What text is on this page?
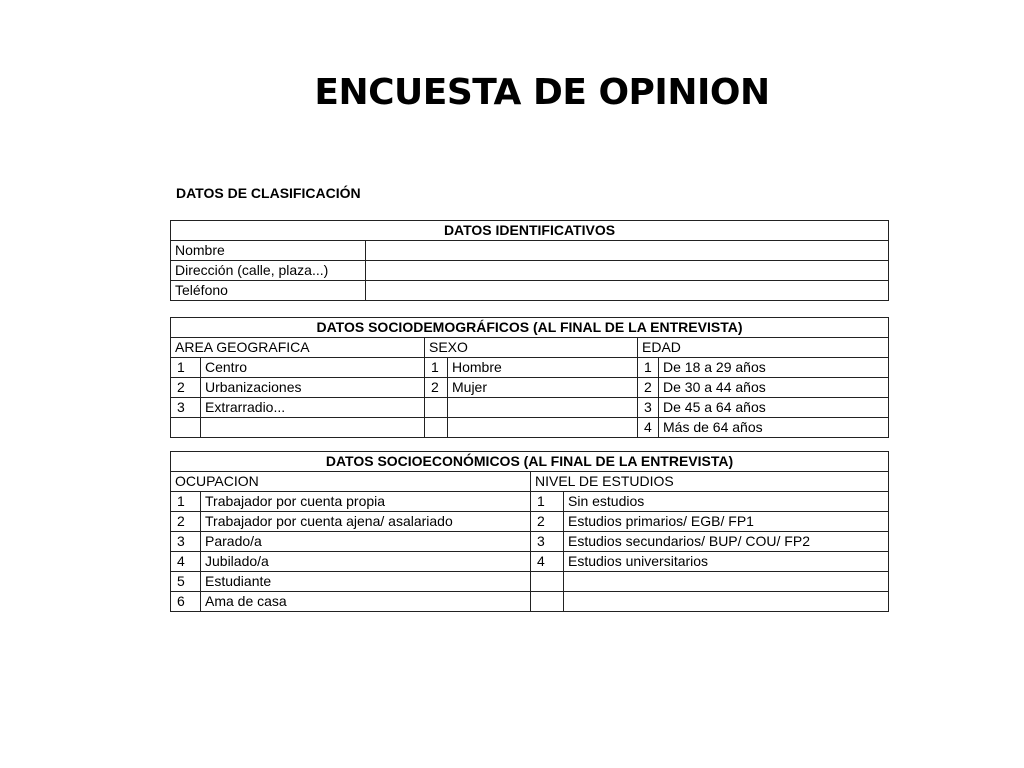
ENCUESTA DE OPINION
DATOS DE CLASIFICACIÓN
DATOS IDENTIFICATIVOS	
Nombre	
Dirección (calle, plaza...)	
Teléfono	
DATOS SOCIODEMOGRÁFICOS (AL FINAL DE LA ENTREVISTA)					
AREA GEOGRAFICA		SEXO		EDAD	
1	Centro	1	Hombre	1	De 18 a 29 años
2	Urbanizaciones	2	Mujer	2	De 30 a 44 años
3	Extrarradio...			3	De 45 a 64 años
				4	Más de 64 años
DATOS SOCIOECONÓMICOS (AL FINAL DE LA ENTREVISTA)			
OCUPACION		NIVEL DE ESTUDIOS	
1	Trabajador por cuenta propia	1	Sin estudios
2	Trabajador por cuenta ajena/ asalariado	2	Estudios primarios/ EGB/ FP1
3	Parado/a	3	Estudios secundarios/ BUP/ COU/ FP2
4	Jubilado/a	4	Estudios universitarios
5	Estudiante		
6	Ama de casa		
